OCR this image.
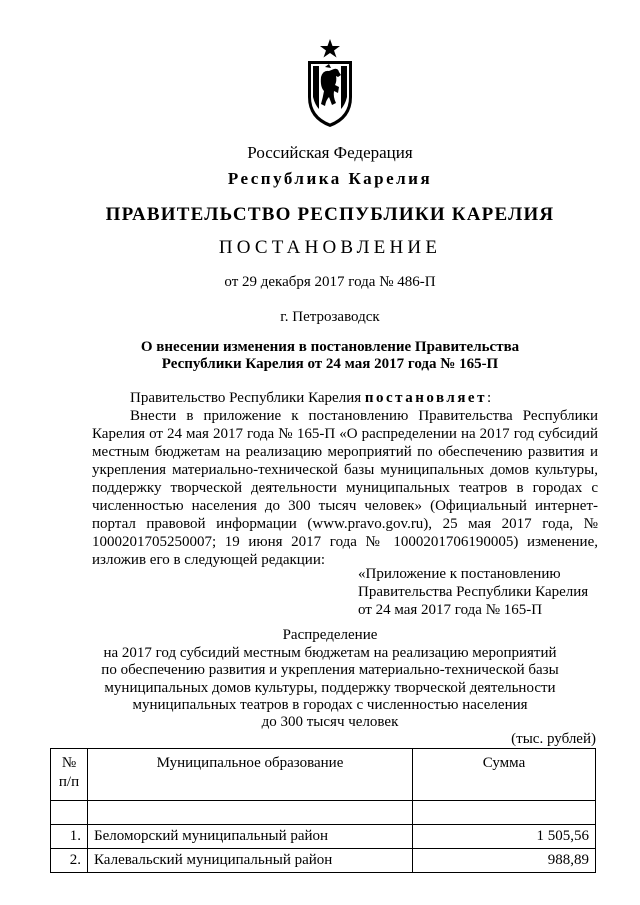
Российская Федерация
Республика Карелия
ПРАВИТЕЛЬСТВО РЕСПУБЛИКИ КАРЕЛИЯ
ПОСТАНОВЛЕНИЕ
от 29 декабря 2017 года № 486-П
г. Петрозаводск
О внесении изменения в постановление Правительства
Республики Карелия от 24 мая 2017 года № 165-П
Правительство Республики Карелия постановляет:
Внести в приложение к постановлению Правительства Республики Карелия от 24 мая 2017 года № 165-П «О распределении на 2017 год субсидий местным бюджетам на реализацию мероприятий по обеспечению развития и укрепления материально-технической базы муниципальных домов культуры, поддержку творческой деятельности муниципальных театров в городах с численностью населения до 300 тысяч человек» (Официальный интернет-портал правовой информации (www.pravo.gov.ru), 25 мая 2017 года, № 1000201705250007; 19 июня 2017 года № 1000201706190005) изменение, изложив его в следующей редакции:
«Приложение к постановлению
Правительства Республики Карелия
от 24 мая 2017 года № 165-П
Распределение
на 2017 год субсидий местным бюджетам на реализацию мероприятий
по обеспечению развития и укрепления материально-технической базы
муниципальных домов культуры, поддержку творческой деятельности
муниципальных театров в городах с численностью населения
до 300 тысяч человек
(тыс. рублей)
№ п/п	Муниципальное образование	Сумма

1.	Беломорский муниципальный район	1 505,56
2.	Калевальский муниципальный район	988,89
